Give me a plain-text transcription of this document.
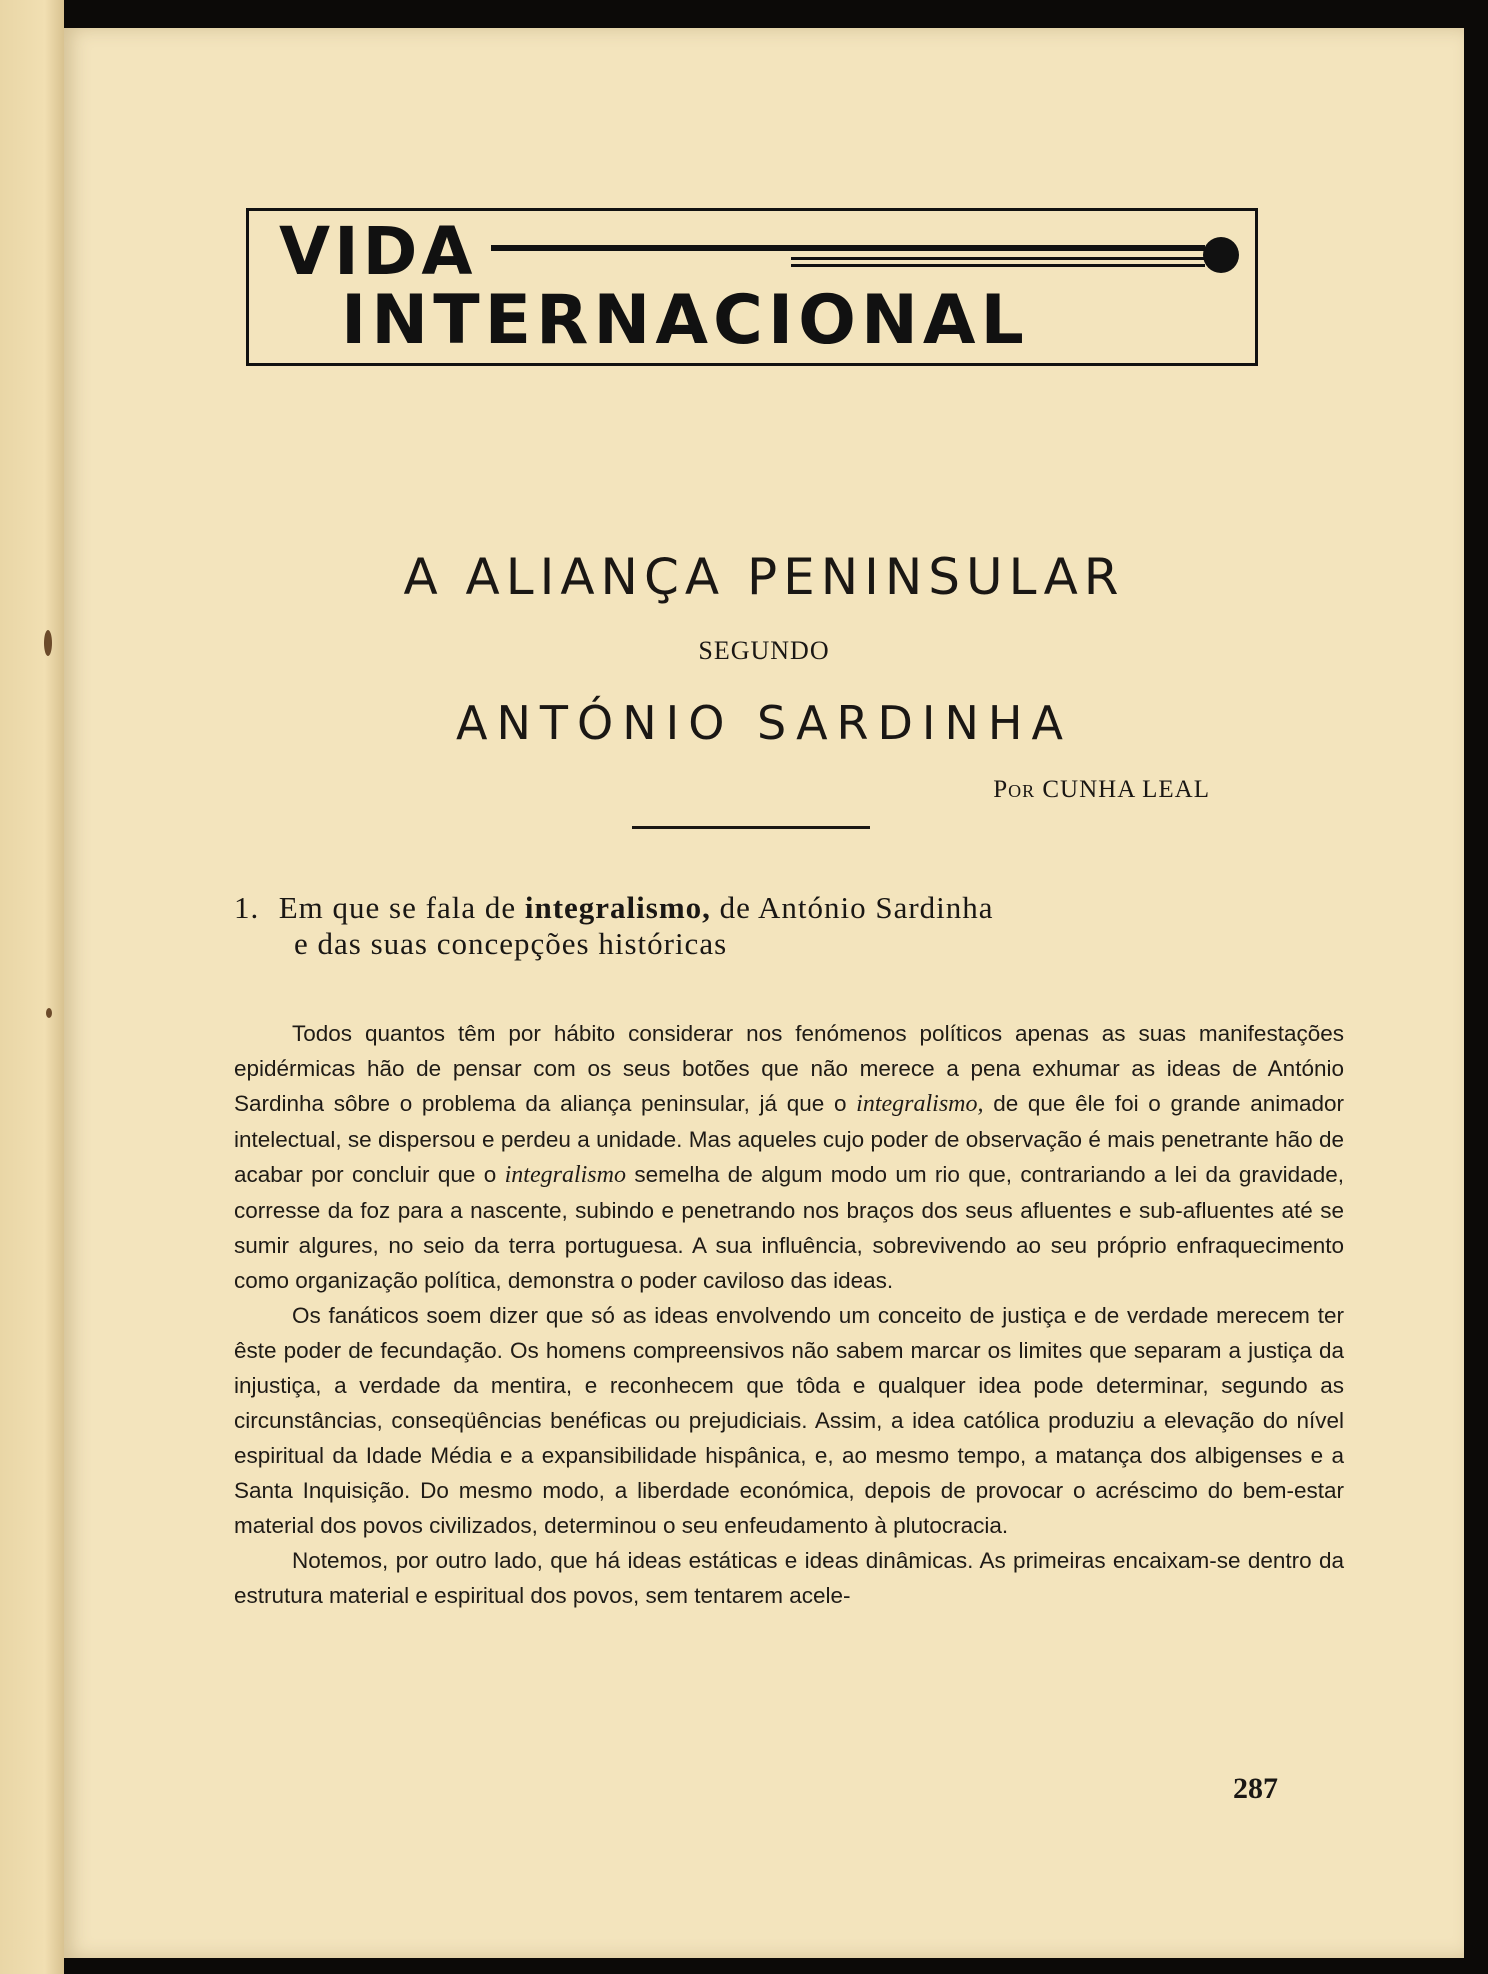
VIDA
INTERNACIONAL
A ALIANÇA PENINSULAR
SEGUNDO
ANTÓNIO SARDINHA
Por CUNHA LEAL
1. Em que se fala de integralismo, de António Sardinha
e das suas concepções históricas

Todos quantos têm por hábito considerar nos fenómenos políticos apenas as suas manifestações epidérmicas hão de pensar com os seus botões que não merece a pena exhumar as ideas de António Sardinha sôbre o problema da aliança peninsular, já que o integralismo, de que êle foi o grande animador intelectual, se dispersou e perdeu a unidade. Mas aqueles cujo poder de observação é mais penetrante hão de acabar por concluir que o integralismo semelha de algum modo um rio que, contrariando a lei da gravidade, corresse da foz para a nascente, subindo e penetrando nos braços dos seus afluentes e sub-afluentes até se sumir algures, no seio da terra portuguesa. A sua influência, sobrevivendo ao seu próprio enfraquecimento como organização política, demonstra o poder caviloso das ideas.

Os fanáticos soem dizer que só as ideas envolvendo um conceito de justiça e de verdade merecem ter êste poder de fecundação. Os homens compreensivos não sabem marcar os limites que separam a justiça da injustiça, a verdade da mentira, e reconhecem que tôda e qualquer idea pode determinar, segundo as circunstâncias, conseqüências benéficas ou prejudiciais. Assim, a idea católica produziu a elevação do nível espiritual da Idade Média e a expansibilidade hispânica, e, ao mesmo tempo, a matança dos albigenses e a Santa Inquisição. Do mesmo modo, a liberdade económica, depois de provocar o acréscimo do bem-estar material dos povos civilizados, determinou o seu enfeudamento à plutocracia.

Notemos, por outro lado, que há ideas estáticas e ideas dinâmicas. As primeiras encaixam-se dentro da estrutura material e espiritual dos povos, sem tentarem acele-

287
